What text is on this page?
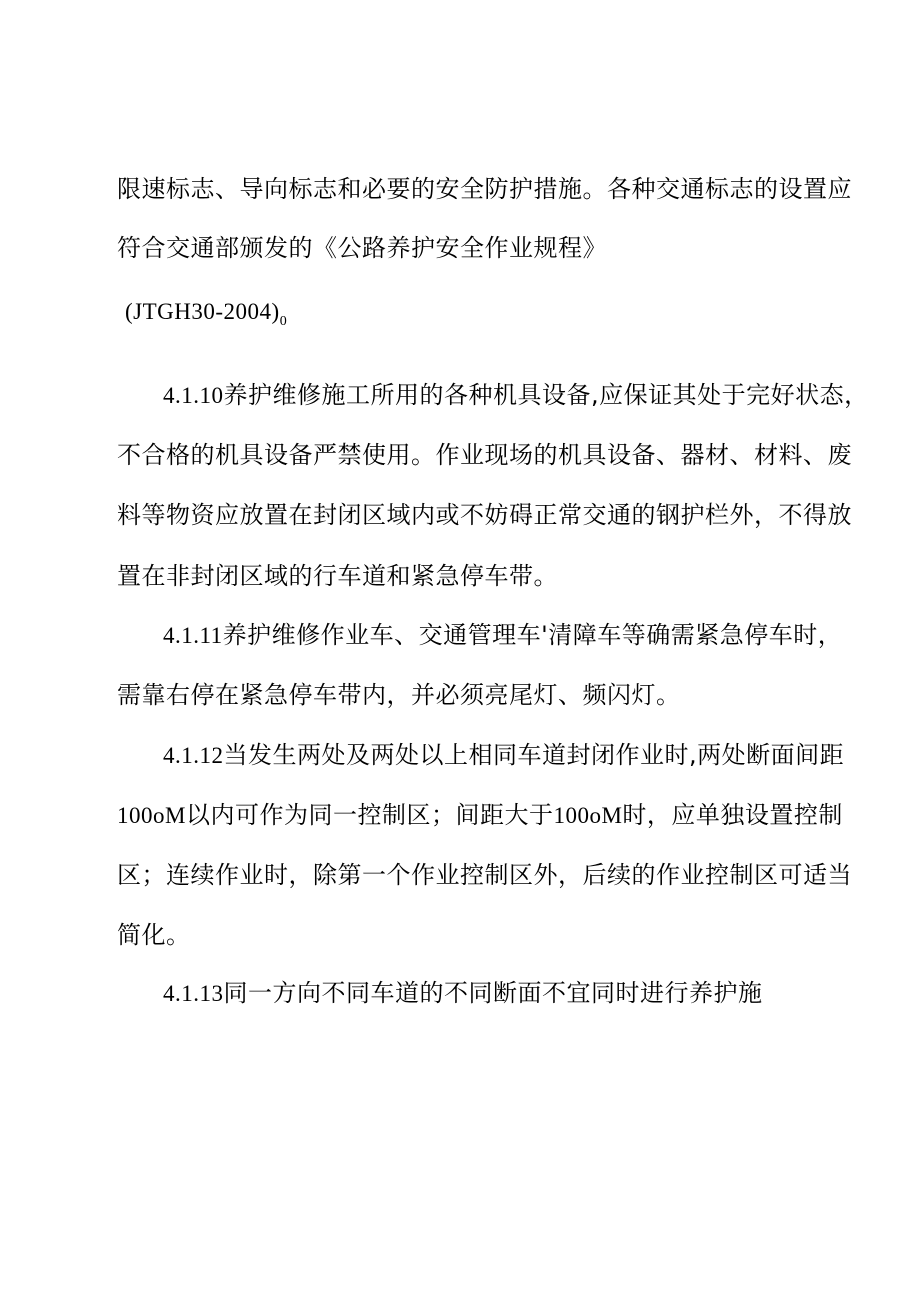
限速标志、导向标志和必要的安全防护措施。各种交通标志的设置应
符合交通部颁发的《公路养护安全作业规程》
$(JTGH30-2004)_0$
4.1.10养护维修施工所用的各种机具设备,应保证其处于完好状态，
不合格的机具设备严禁使用。作业现场的机具设备、器材、材料、废
料等物资应放置在封闭区域内或不妨碍正常交通的钢护栏外，不得放
置在非封闭区域的行车道和紧急停车带。
4.1.11养护维修作业车、交通管理车'清障车等确需紧急停车时，
需靠右停在紧急停车带内，并必须亮尾灯、频闪灯。
4.1.12当发生两处及两处以上相同车道封闭作业时,两处断面间距
100oM以内可作为同一控制区；间距大于100oM时，应单独设置控制
区；连续作业时，除第一个作业控制区外，后续的作业控制区可适当
简化。
4.1.13同一方向不同车道的不同断面不宜同时进行养护施
